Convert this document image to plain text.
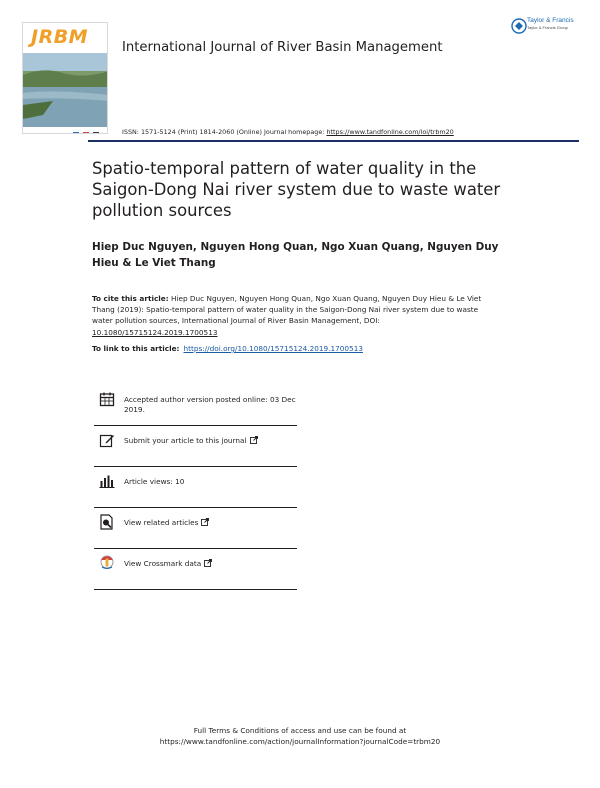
JRBM
Taylor & Francis
Taylor & Francis Group
International Journal of River Basin Management
ISSN: 1571-5124 (Print) 1814-2060 (Online) Journal homepage: https://www.tandfonline.com/loi/trbm20
Spatio-temporal pattern of water quality in the Saigon-Dong Nai river system due to waste water pollution sources
Hiep Duc Nguyen, Nguyen Hong Quan, Ngo Xuan Quang, Nguyen Duy Hieu & Le Viet Thang
To cite this article: Hiep Duc Nguyen, Nguyen Hong Quan, Ngo Xuan Quang, Nguyen Duy Hieu & Le Viet Thang (2019): Spatio-temporal pattern of water quality in the Saigon-Dong Nai river system due to waste water pollution sources, International Journal of River Basin Management, DOI: 10.1080/15715124.2019.1700513
To link to this article: https://doi.org/10.1080/15715124.2019.1700513
Accepted author version posted online: 03 Dec 2019.
Submit your article to this journal
Article views: 10
View related articles
View Crossmark data
Full Terms & Conditions of access and use can be found at
https://www.tandfonline.com/action/journalInformation?journalCode=trbm20
